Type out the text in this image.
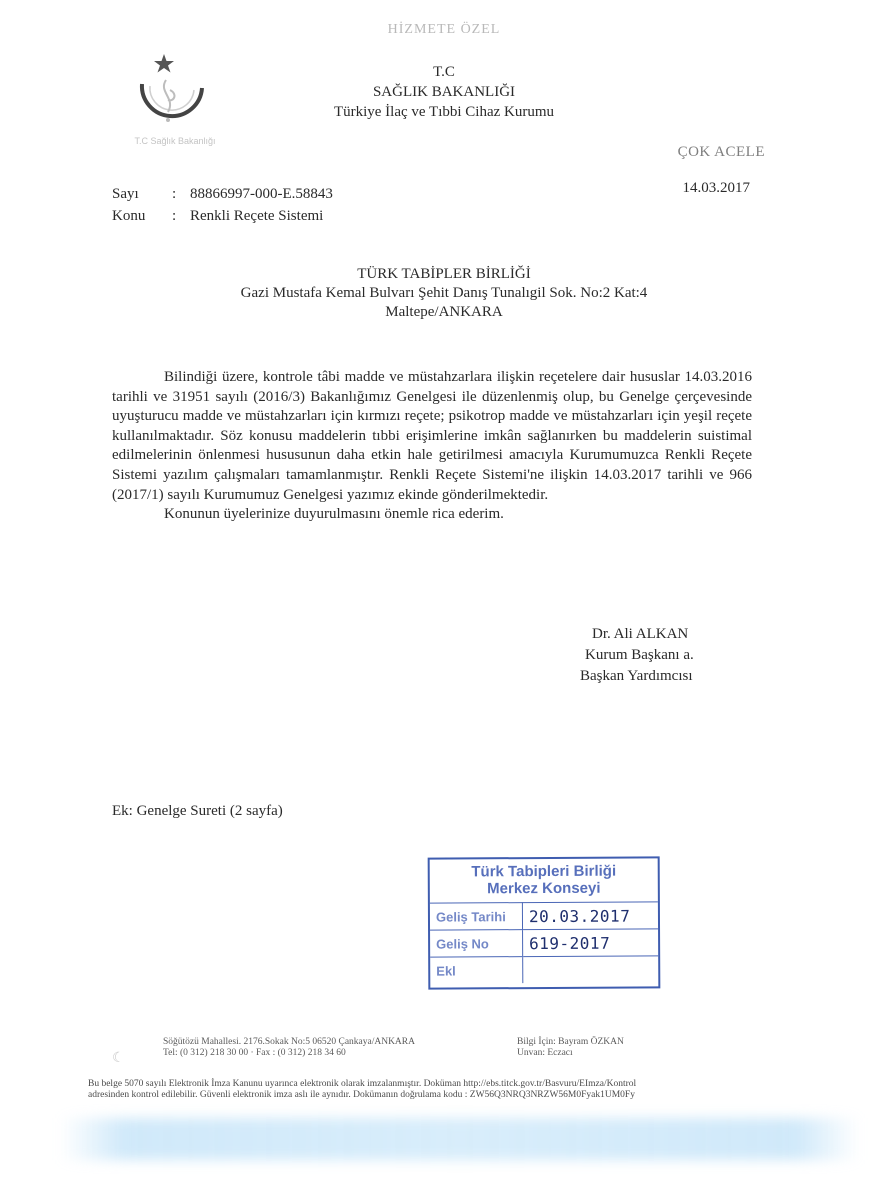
HİZMETE ÖZEL
T.C Sağlık Bakanlığı
T.C
SAĞLIK BAKANLIĞI
Türkiye İlaç ve Tıbbi Cihaz Kurumu
ÇOK ACELE
14.03.2017
Sayı	: 88866997-000-E.58843
Konu	: Renkli Reçete Sistemi
TÜRK TABİPLER BİRLİĞİ
Gazi Mustafa Kemal Bulvarı Şehit Danış Tunalıgil Sok. No:2 Kat:4
Maltepe/ANKARA

Bilindiği üzere, kontrole tâbi madde ve müstahzarlara ilişkin reçetelere dair hususlar 14.03.2016 tarihli ve 31951 sayılı (2016/3) Bakanlığımız Genelgesi ile düzenlenmiş olup, bu Genelge çerçevesinde uyuşturucu madde ve müstahzarları için kırmızı reçete; psikotrop madde ve müstahzarları için yeşil reçete kullanılmaktadır. Söz konusu maddelerin tıbbi erişimlerine imkân sağlanırken bu maddelerin suistimal edilmelerinin önlenmesi hususunun daha etkin hale getirilmesi amacıyla Kurumumuzca Renkli Reçete Sistemi yazılım çalışmaları tamamlanmıştır. Renkli Reçete Sistemi'ne ilişkin 14.03.2017 tarihli ve 966 (2017/1) sayılı Kurumumuz Genelgesi yazımız ekinde gönderilmektedir.

Konunun üyelerinize duyurulmasını önemle rica ederim.

Dr. Ali ALKAN
Kurum Başkanı a.
Başkan Yardımcısı
Ek: Genelge Sureti (2 sayfa)
Türk Tabipleri Birliği
Merkez Konseyi
Geliş Tarihi	20.03.2017
Geliş No	619-2017
Ekl	
☾
Söğütözü Mahallesi. 2176.Sokak No:5 06520 Çankaya/ANKARA
Tel: (0 312) 218 30 00 · Fax : (0 312) 218 34 60
Bilgi İçin: Bayram ÖZKAN
Unvan: Eczacı
Bu belge 5070 sayılı Elektronik İmza Kanunu uyarınca elektronik olarak imzalanmıştır. Doküman http://ebs.titck.gov.tr/Basvuru/EImza/Kontrol
adresinden kontrol edilebilir. Güvenli elektronik imza aslı ile aynıdır. Dokümanın doğrulama kodu : ZW56Q3NRQ3NRZW56M0Fyak1UM0Fy
